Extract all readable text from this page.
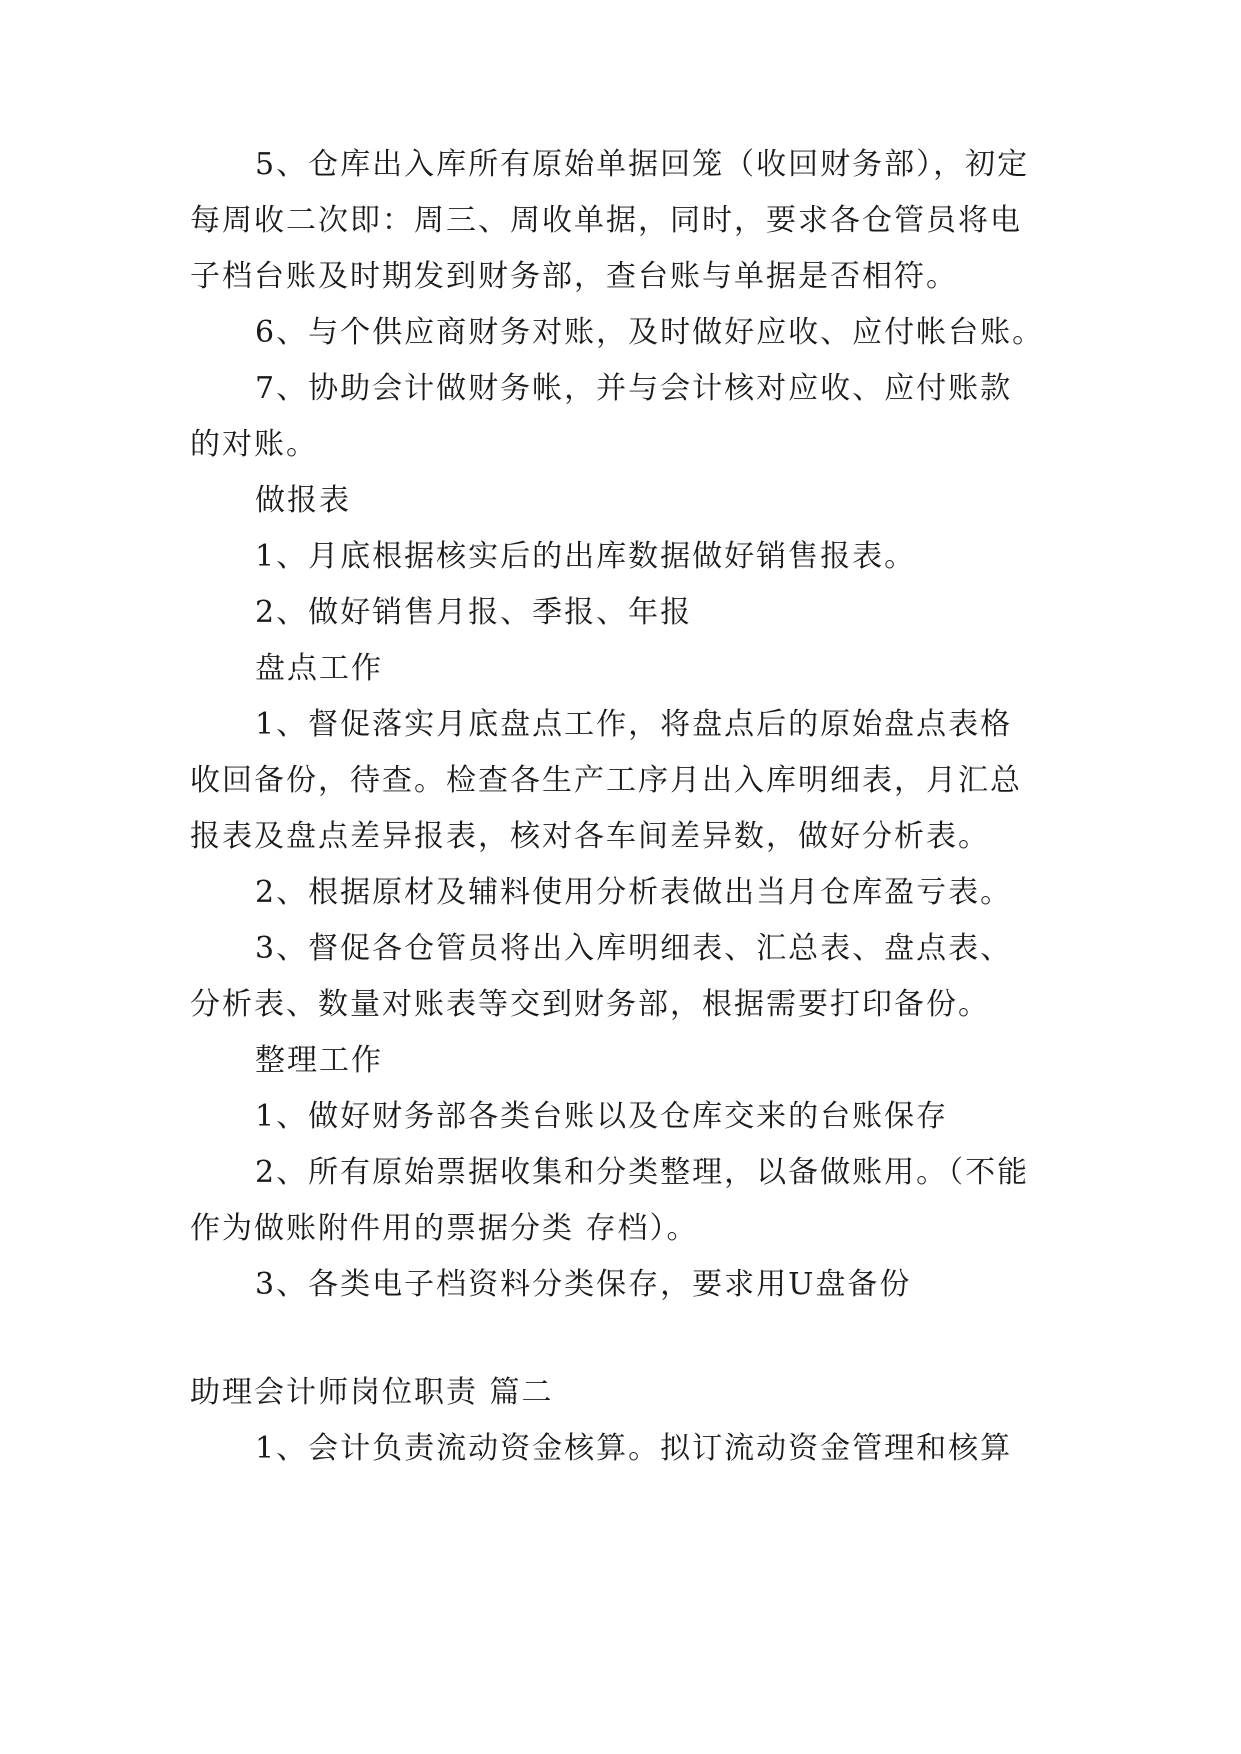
5、仓库出入库所有原始单据回笼（收回财务部），初定

每周收二次即：周三、周收单据，同时，要求各仓管员将电

子档台账及时期发到财务部，查台账与单据是否相符。

6、与个供应商财务对账，及时做好应收、应付帐台账。

7、协助会计做财务帐，并与会计核对应收、应付账款

的对账。

做报表

1、月底根据核实后的出库数据做好销售报表。

2、做好销售月报、季报、年报

盘点工作

1、督促落实月底盘点工作，将盘点后的原始盘点表格

收回备份，待查。检查各生产工序月出入库明细表，月汇总

报表及盘点差异报表，核对各车间差异数，做好分析表。

2、根据原材及辅料使用分析表做出当月仓库盈亏表。

3、督促各仓管员将出入库明细表、汇总表、盘点表、

分析表、数量对账表等交到财务部，根据需要打印备份。

整理工作

1、做好财务部各类台账以及仓库交来的台账保存

2、所有原始票据收集和分类整理，以备做账用。（不能

作为做账附件用的票据分类 存档）。

3、各类电子档资料分类保存，要求用U盘备份

助理会计师岗位职责 篇二

1、会计负责流动资金核算。拟订流动资金管理和核算
